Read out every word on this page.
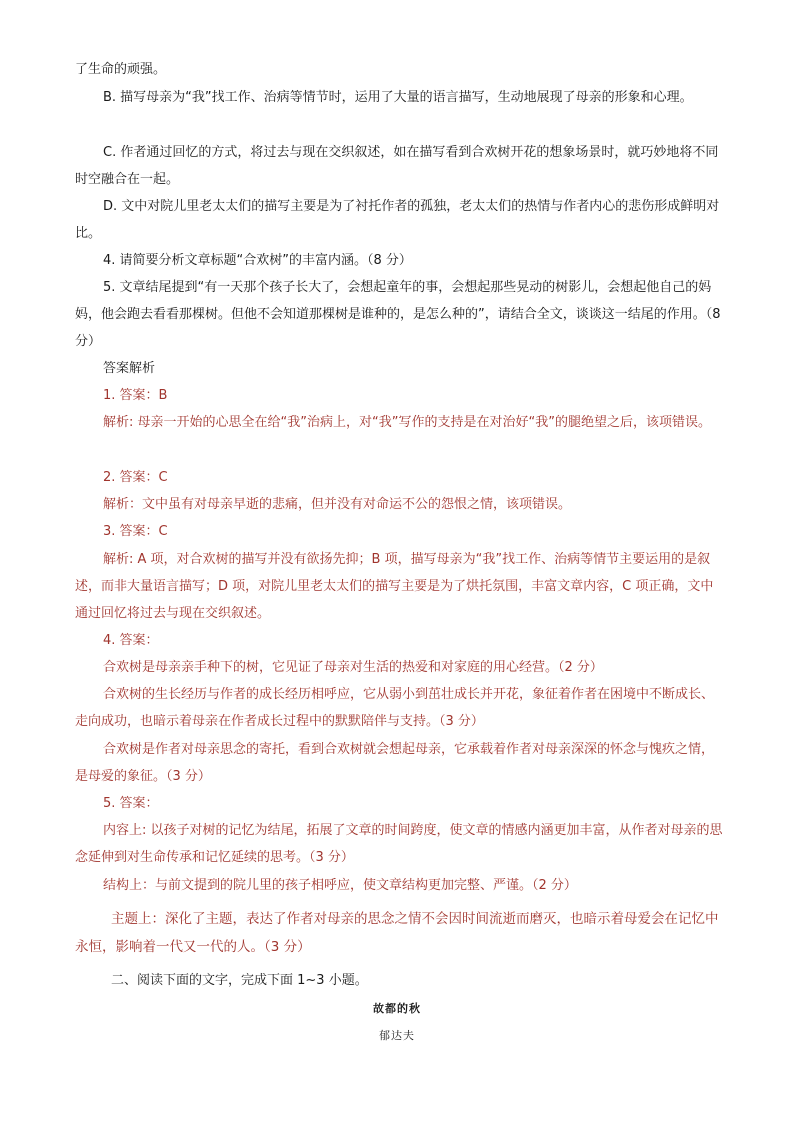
了生命的顽强。

B. 描写母亲为“我”找工作、治病等情节时，运用了大量的语言描写，生动地展现了母亲的形象和心理。

C. 作者通过回忆的方式，将过去与现在交织叙述，如在描写看到合欢树开花的想象场景时，就巧妙地将不同时空融合在一起。

D. 文中对院儿里老太太们的描写主要是为了衬托作者的孤独，老太太们的热情与作者内心的悲伤形成鲜明对比。

4. 请简要分析文章标题“合欢树”的丰富内涵。（8 分）

5. 文章结尾提到“有一天那个孩子长大了，会想起童年的事，会想起那些晃动的树影儿，会想起他自己的妈妈，他会跑去看看那棵树。但他不会知道那棵树是谁种的，是怎么种的”，请结合全文，谈谈这一结尾的作用。（8 分）

答案解析

1. 答案：B

解析: 母亲一开始的心思全在给“我”治病上，对“我”写作的支持是在对治好“我”的腿绝望之后，该项错误。

2. 答案：C

解析：文中虽有对母亲早逝的悲痛，但并没有对命运不公的怨恨之情，该项错误。

3. 答案：C

解析: A 项，对合欢树的描写并没有欲扬先抑；B 项，描写母亲为“我”找工作、治病等情节主要运用的是叙述，而非大量语言描写；D 项，对院儿里老太太们的描写主要是为了烘托氛围，丰富文章内容，C 项正确，文中通过回忆将过去与现在交织叙述。

4. 答案：

合欢树是母亲亲手种下的树，它见证了母亲对生活的热爱和对家庭的用心经营。（2 分）

合欢树的生长经历与作者的成长经历相呼应，它从弱小到茁壮成长并开花，象征着作者在困境中不断成长、走向成功，也暗示着母亲在作者成长过程中的默默陪伴与支持。（3 分）

合欢树是作者对母亲思念的寄托，看到合欢树就会想起母亲，它承载着作者对母亲深深的怀念与愧疚之情，是母爱的象征。（3 分）

5. 答案：

内容上: 以孩子对树的记忆为结尾，拓展了文章的时间跨度，使文章的情感内涵更加丰富，从作者对母亲的思念延伸到对生命传承和记忆延续的思考。（3 分）

结构上：与前文提到的院儿里的孩子相呼应，使文章结构更加完整、严谨。（2 分）

主题上：深化了主题，表达了作者对母亲的思念之情不会因时间流逝而磨灭，也暗示着母爱会在记忆中永恒，影响着一代又一代的人。（3 分）

二、阅读下面的文字，完成下面 1~3 小题。

故都的秋
郁达夫
